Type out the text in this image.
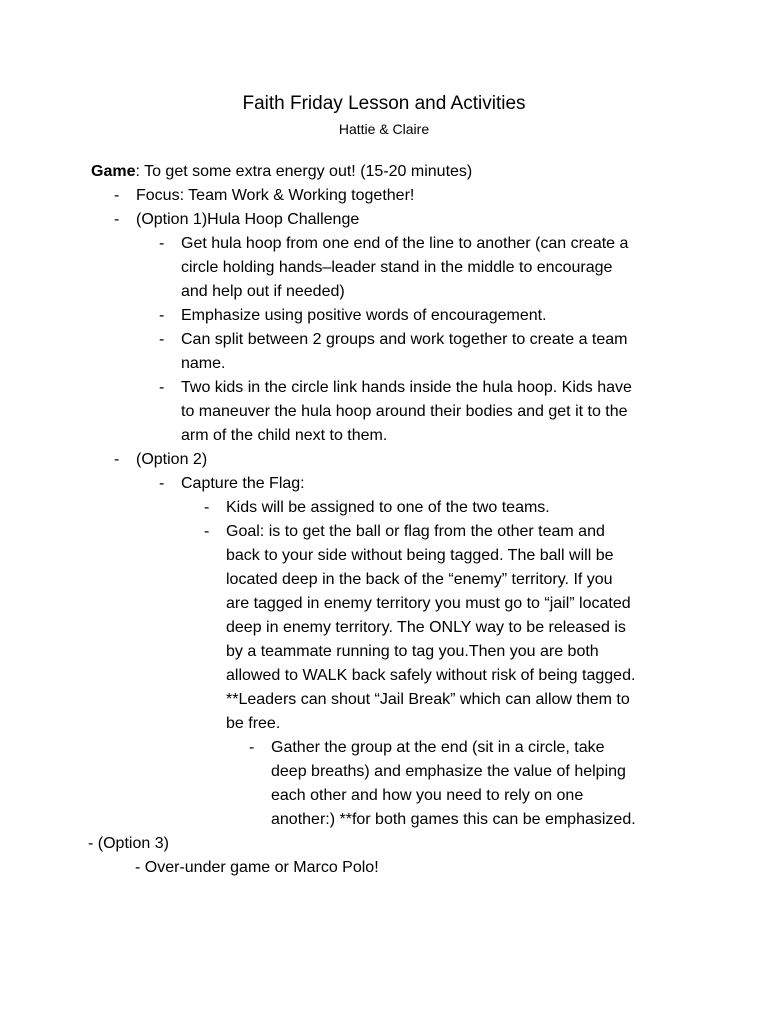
Faith Friday Lesson and Activities
Hattie & Claire
Game: To get some extra energy out! (15-20 minutes)
- Focus: Team Work & Working together!
- (Option 1)Hula Hoop Challenge
- Get hula hoop from one end of the line to another (can create a
circle holding hands–leader stand in the middle to encourage
and help out if needed)
- Emphasize using positive words of encouragement.
- Can split between 2 groups and work together to create a team
name.
- Two kids in the circle link hands inside the hula hoop. Kids have
to maneuver the hula hoop around their bodies and get it to the
arm of the child next to them.
- (Option 2)
- Capture the Flag:
- Kids will be assigned to one of the two teams.
- Goal: is to get the ball or flag from the other team and
back to your side without being tagged. The ball will be
located deep in the back of the “enemy” territory. If you
are tagged in enemy territory you must go to “jail” located
deep in enemy territory. The ONLY way to be released is
by a teammate running to tag you.Then you are both
allowed to WALK back safely without risk of being tagged.
**Leaders can shout “Jail Break” which can allow them to
be free.
- Gather the group at the end (sit in a circle, take
deep breaths) and emphasize the value of helping
each other and how you need to rely on one
another:) **for both games this can be emphasized.
- (Option 3)
- Over-under game or Marco Polo!
